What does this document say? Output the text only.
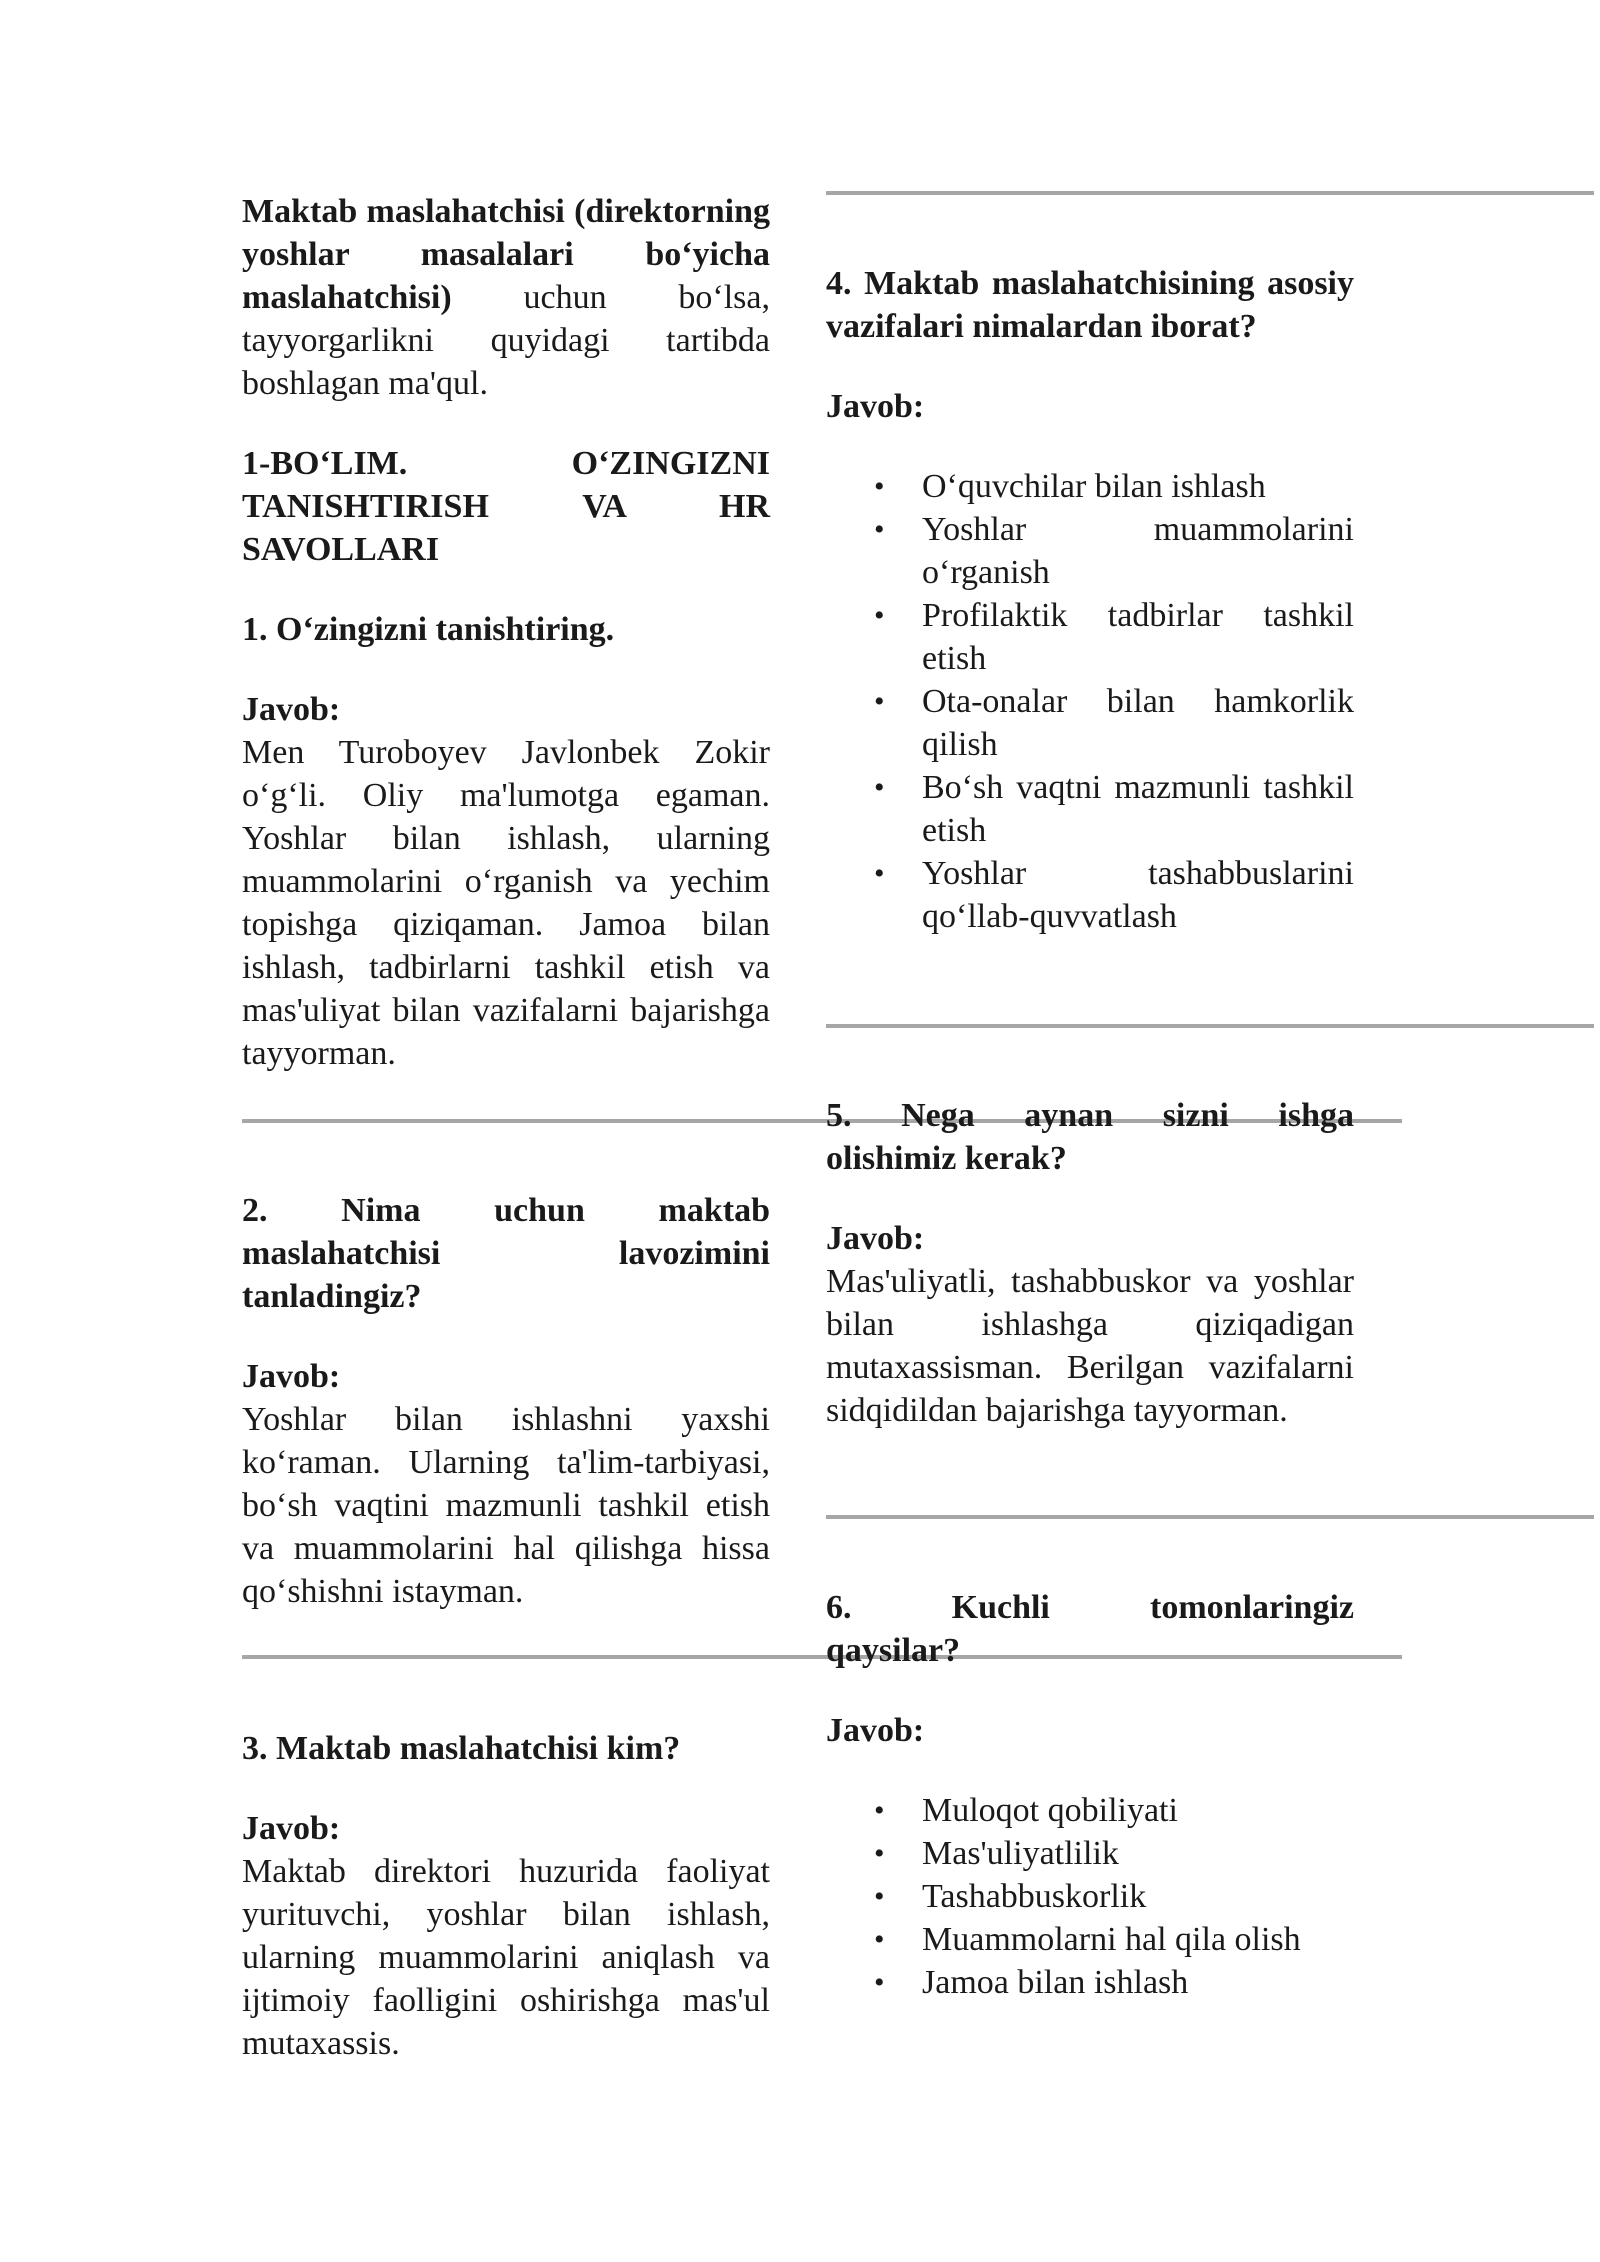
Maktab maslahatchisi (direktorning yoshlar masalalari bo‘yicha maslahatchisi) uchun bo‘lsa, tayyorgarlikni quyidagi tartibda boshlagan ma'qul.

1-BO‘LIM. O‘ZINGIZNI

TANISHTIRISH VA HR

SAVOLLARI

1. O‘zingizni tanishtiring.

Javob:

Men Turoboyev Javlonbek Zokir o‘g‘li. Oliy ma'lumotga egaman. Yoshlar bilan ishlash, ularning muammolarini o‘rganish va yechim topishga qiziqaman. Jamoa bilan ishlash, tadbirlarni tashkil etish va mas'uliyat bilan vazifalarni bajarishga tayyorman.

2. Nima uchun maktab maslahatchisi lavozimini tanladingiz?

Javob:

Yoshlar bilan ishlashni yaxshi ko‘raman. Ularning ta'lim-tarbiyasi, bo‘sh vaqtini mazmunli tashkil etish va muammolarini hal qilishga hissa qo‘shishni istayman.

3. Maktab maslahatchisi kim?

Javob:

Maktab direktori huzurida faoliyat yurituvchi, yoshlar bilan ishlash, ularning muammolarini aniqlash va ijtimoiy faolligini oshirishga mas'ul mutaxassis.

4. Maktab maslahatchisining asosiy vazifalari nimalardan iborat?

Javob:

• O‘quvchilar bilan ishlash
• Yoshlar muammolarini o‘rganish
• Profilaktik tadbirlar tashkil etish
• Ota-onalar bilan hamkorlik qilish
• Bo‘sh vaqtni mazmunli tashkil etish
• Yoshlar tashabbuslarini qo‘llab-quvvatlash

5. Nega aynan sizni ishga

olishimiz kerak?

Javob:

Mas'uliyatli, tashabbuskor va yoshlar bilan ishlashga qiziqadigan mutaxassisman. Berilgan vazifalarni sidqidildan bajarishga tayyorman.

6. Kuchli tomonlaringiz

qaysilar?

Javob:

• Muloqot qobiliyati
• Mas'uliyatlilik
• Tashabbuskorlik
• Muammolarni hal qila olish
• Jamoa bilan ishlash
